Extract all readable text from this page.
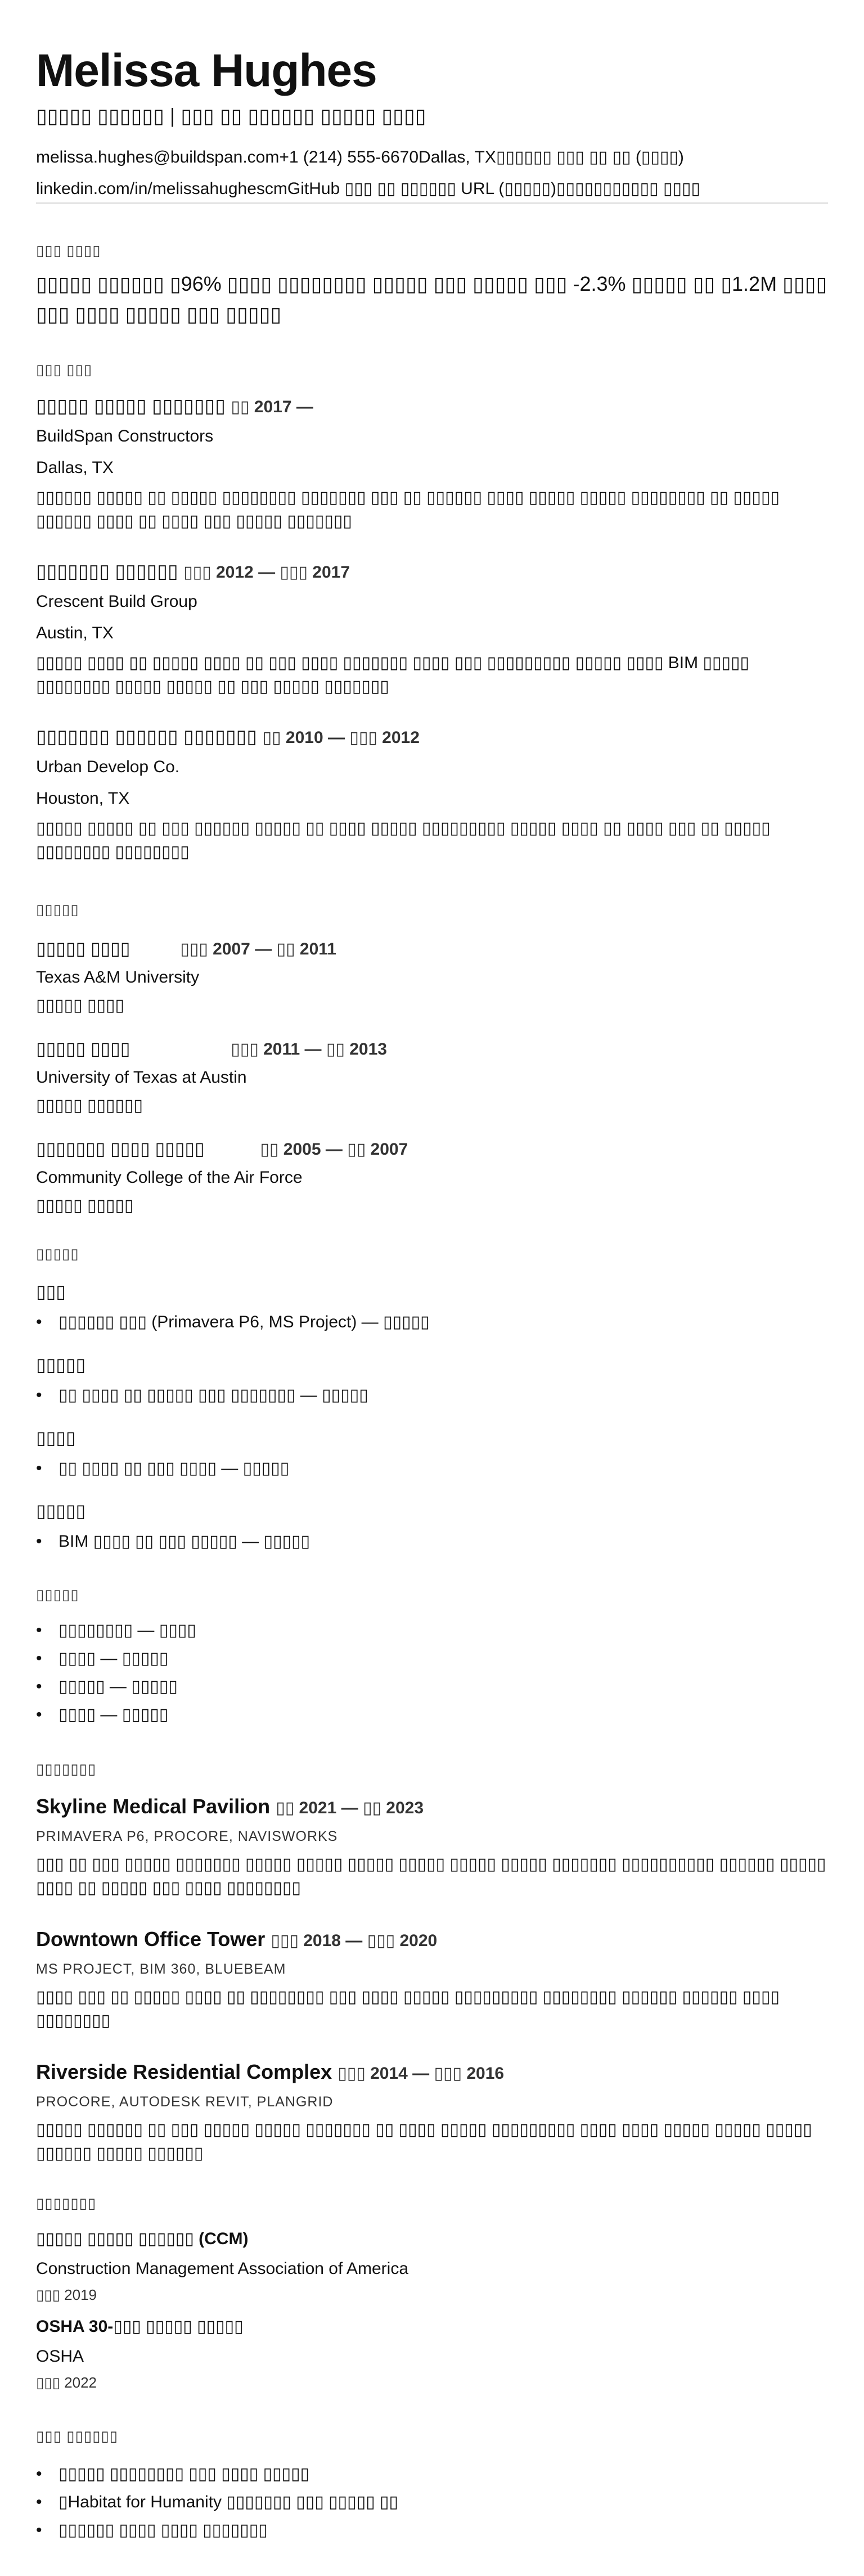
Melissa Hughes
▯▯▯▯▯ ▯▯▯▯▯▯ | ▯▯▯ ▯▯ ▯▯▯▯▯▯ ▯▯▯▯▯ ▯▯▯▯
melissa.hughes@buildspan.com+1 (214) 555-6670Dallas, TX▯▯▯▯▯▯ ▯▯▯ ▯▯ ▯▯ (▯▯▯▯)
linkedin.com/in/melissahughescmGitHub ▯▯▯ ▯▯ ▯▯▯▯▯▯ URL (▯▯▯▯▯)▯▯▯▯▯▯▯▯▯▯▯ ▯▯▯▯
▯▯▯ ▯▯▯▯
▯▯▯▯▯ ▯▯▯▯▯▯ ▯96% ▯▯▯▯ ▯▯▯▯▯▯▯▯ ▯▯▯▯▯ ▯▯▯ ▯▯▯▯▯ ▯▯▯ -2.3% ▯▯▯▯▯ ▯▯ ▯1.2M ▯▯▯▯ ▯▯▯ ▯▯▯▯ ▯▯▯▯▯ ▯▯▯ ▯▯▯▯▯
▯▯▯ ▯▯▯
▯▯▯▯▯ ▯▯▯▯▯ ▯▯▯▯▯▯▯ ▯▯ 2017 —
BuildSpan Constructors
Dallas, TX
▯▯▯▯▯▯ ▯▯▯▯▯ ▯▯ ▯▯▯▯▯ ▯▯▯▯▯▯▯▯ ▯▯▯▯▯▯▯ ▯▯▯ ▯▯ ▯▯▯▯▯▯ ▯▯▯▯ ▯▯▯▯▯ ▯▯▯▯▯ ▯▯▯▯▯▯▯▯ ▯▯ ▯▯▯▯▯ ▯▯▯▯▯▯ ▯▯▯▯ ▯▯ ▯▯▯▯ ▯▯▯ ▯▯▯▯▯ ▯▯▯▯▯▯▯
▯▯▯▯▯▯▯ ▯▯▯▯▯▯ ▯▯▯ 2012 — ▯▯▯ 2017
Crescent Build Group
Austin, TX
▯▯▯▯▯ ▯▯▯▯ ▯▯ ▯▯▯▯▯ ▯▯▯▯ ▯▯ ▯▯▯ ▯▯▯▯ ▯▯▯▯▯▯▯ ▯▯▯▯ ▯▯▯ ▯▯▯▯▯▯▯▯▯ ▯▯▯▯▯ ▯▯▯▯ BIM ▯▯▯▯▯ ▯▯▯▯▯▯▯▯ ▯▯▯▯▯ ▯▯▯▯▯ ▯▯ ▯▯▯ ▯▯▯▯▯ ▯▯▯▯▯▯▯
▯▯▯▯▯▯▯ ▯▯▯▯▯▯ ▯▯▯▯▯▯▯ ▯▯ 2010 — ▯▯▯ 2012
Urban Develop Co.
Houston, TX
▯▯▯▯▯ ▯▯▯▯▯ ▯▯ ▯▯▯ ▯▯▯▯▯▯ ▯▯▯▯▯ ▯▯ ▯▯▯▯ ▯▯▯▯▯ ▯▯▯▯▯▯▯▯▯ ▯▯▯▯▯ ▯▯▯▯ ▯▯ ▯▯▯▯ ▯▯▯ ▯▯ ▯▯▯▯▯ ▯▯▯▯▯▯▯▯ ▯▯▯▯▯▯▯▯
▯▯▯▯▯
▯▯▯▯▯ ▯▯▯▯	▯▯▯ 2007 — ▯▯ 2011
Texas A&M University
▯▯▯▯▯ ▯▯▯▯
▯▯▯▯▯ ▯▯▯▯	▯▯▯ 2011 — ▯▯ 2013
University of Texas at Austin
▯▯▯▯▯ ▯▯▯▯▯▯
▯▯▯▯▯▯▯ ▯▯▯▯ ▯▯▯▯▯	▯▯ 2005 — ▯▯ 2007
Community College of the Air Force
▯▯▯▯▯ ▯▯▯▯▯
▯▯▯▯▯
▯▯▯
• ▯▯▯▯▯▯ ▯▯▯ (Primavera P6, MS Project) — ▯▯▯▯▯
▯▯▯▯▯
• ▯▯ ▯▯▯▯ ▯▯ ▯▯▯▯▯ ▯▯▯ ▯▯▯▯▯▯▯ — ▯▯▯▯▯
▯▯▯▯
• ▯▯ ▯▯▯▯ ▯▯ ▯▯▯ ▯▯▯▯ — ▯▯▯▯▯
▯▯▯▯▯
• BIM ▯▯▯▯ ▯▯ ▯▯▯ ▯▯▯▯▯ — ▯▯▯▯▯
▯▯▯▯▯
• ▯▯▯▯▯▯▯▯ — ▯▯▯▯
• ▯▯▯▯ — ▯▯▯▯▯
• ▯▯▯▯▯ — ▯▯▯▯▯
• ▯▯▯▯ — ▯▯▯▯▯
▯▯▯▯▯▯▯
Skyline Medical Pavilion ▯▯ 2021 — ▯▯ 2023
PRIMAVERA P6, PROCORE, NAVISWORKS
▯▯▯ ▯▯ ▯▯▯ ▯▯▯▯▯ ▯▯▯▯▯▯▯ ▯▯▯▯▯ ▯▯▯▯▯ ▯▯▯▯▯ ▯▯▯▯▯ ▯▯▯▯▯ ▯▯▯▯▯ ▯▯▯▯▯▯▯ ▯▯▯▯▯▯▯▯▯▯ ▯▯▯▯▯▯ ▯▯▯▯▯ ▯▯▯▯ ▯▯ ▯▯▯▯▯ ▯▯▯ ▯▯▯▯ ▯▯▯▯▯▯▯▯
Downtown Office Tower ▯▯▯ 2018 — ▯▯▯ 2020
MS PROJECT, BIM 360, BLUEBEAM
▯▯▯▯ ▯▯▯ ▯▯ ▯▯▯▯▯ ▯▯▯▯ ▯▯ ▯▯▯▯▯▯▯▯ ▯▯▯ ▯▯▯▯ ▯▯▯▯▯ ▯▯▯▯▯▯▯▯▯ ▯▯▯▯▯▯▯▯ ▯▯▯▯▯▯ ▯▯▯▯▯▯ ▯▯▯▯ ▯▯▯▯▯▯▯▯
Riverside Residential Complex ▯▯▯ 2014 — ▯▯▯ 2016
PROCORE, AUTODESK REVIT, PLANGRID
▯▯▯▯▯ ▯▯▯▯▯▯ ▯▯ ▯▯▯ ▯▯▯▯▯ ▯▯▯▯▯ ▯▯▯▯▯▯▯ ▯▯ ▯▯▯▯ ▯▯▯▯▯ ▯▯▯▯▯▯▯▯▯ ▯▯▯▯ ▯▯▯▯ ▯▯▯▯▯ ▯▯▯▯▯ ▯▯▯▯▯ ▯▯▯▯▯▯ ▯▯▯▯▯ ▯▯▯▯▯▯
▯▯▯▯▯▯▯
▯▯▯▯▯ ▯▯▯▯▯ ▯▯▯▯▯▯ (CCM)
Construction Management Association of America
▯▯▯ 2019
OSHA 30-▯▯▯ ▯▯▯▯▯ ▯▯▯▯▯
OSHA
▯▯▯ 2022
▯▯▯ ▯▯▯▯▯▯
• ▯▯▯▯▯ ▯▯▯▯▯▯▯▯ ▯▯▯ ▯▯▯▯ ▯▯▯▯▯
• ▯Habitat for Humanity ▯▯▯▯▯▯▯ ▯▯▯ ▯▯▯▯▯ ▯▯
• ▯▯▯▯▯▯ ▯▯▯▯ ▯▯▯▯ ▯▯▯▯▯▯▯
